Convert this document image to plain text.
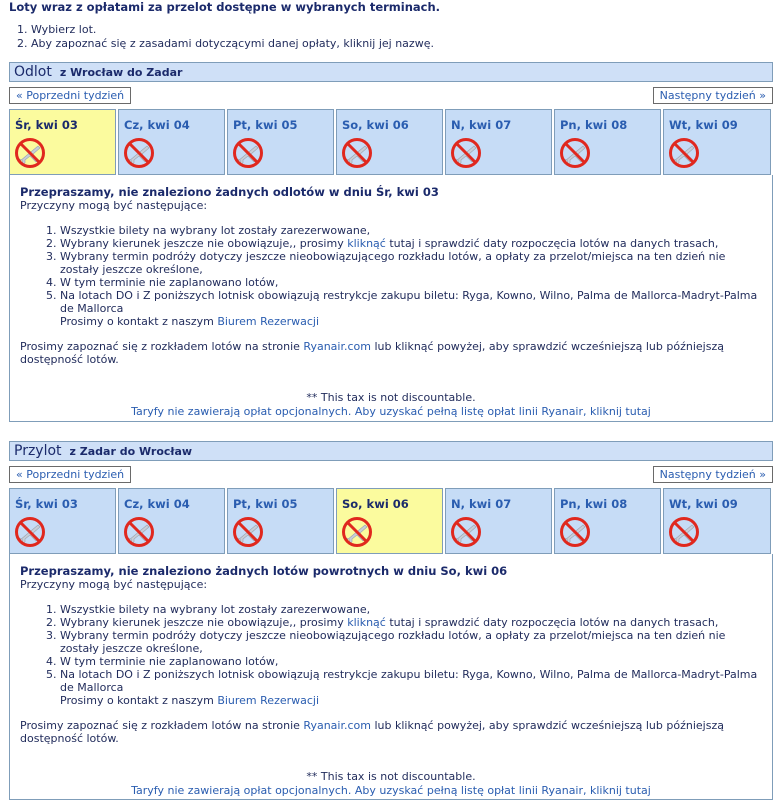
Loty wraz z opłatami za przelot dostępne w wybranych terminach.
1. Wybierz lot.
2. Aby zapoznać się z zasadami dotyczącymi danej opłaty, kliknij jej nazwę.
Odlot z Wrocław do Zadar
« Poprzedni tydzień	Następny tydzień »
Śr, kwi 03	Cz, kwi 04	Pt, kwi 05	So, kwi 06	N, kwi 07	Pn, kwi 08	Wt, kwi 09
Przepraszamy, nie znaleziono żadnych odlotów w dniu Śr, kwi 03
Przyczyny mogą być następujące:
1. Wszystkie bilety na wybrany lot zostały zarezerwowane,
2. Wybrany kierunek jeszcze nie obowiązuje,, prosimy kliknąć tutaj i sprawdzić daty rozpoczęcia lotów na danych trasach,
3. Wybrany termin podróży dotyczy jeszcze nieobowiązującego rozkładu lotów, a opłaty za przelot/miejsca na ten dzień nie zostały jeszcze określone,
4. W tym terminie nie zaplanowano lotów,
5. Na lotach DO i Z poniższych lotnisk obowiązują restrykcje zakupu biletu: Ryga, Kowno, Wilno, Palma de Mallorca-Madryt-Palma de Mallorca
Prosimy o kontakt z naszym Biurem Rezerwacji

Prosimy zapoznać się z rozkładem lotów na stronie Ryanair.com lub kliknąć powyżej, aby sprawdzić wcześniejszą lub późniejszą dostępność lotów.

** This tax is not discountable.
Taryfy nie zawierają opłat opcjonalnych. Aby uzyskać pełną listę opłat linii Ryanair, kliknij tutaj
Przylot z Zadar do Wrocław
« Poprzedni tydzień	Następny tydzień »
Śr, kwi 03	Cz, kwi 04	Pt, kwi 05	So, kwi 06	N, kwi 07	Pn, kwi 08	Wt, kwi 09
Przepraszamy, nie znaleziono żadnych lotów powrotnych w dniu So, kwi 06
Przyczyny mogą być następujące:
1. Wszystkie bilety na wybrany lot zostały zarezerwowane,
2. Wybrany kierunek jeszcze nie obowiązuje,, prosimy kliknąć tutaj i sprawdzić daty rozpoczęcia lotów na danych trasach,
3. Wybrany termin podróży dotyczy jeszcze nieobowiązującego rozkładu lotów, a opłaty za przelot/miejsca na ten dzień nie zostały jeszcze określone,
4. W tym terminie nie zaplanowano lotów,
5. Na lotach DO i Z poniższych lotnisk obowiązują restrykcje zakupu biletu: Ryga, Kowno, Wilno, Palma de Mallorca-Madryt-Palma de Mallorca
Prosimy o kontakt z naszym Biurem Rezerwacji

Prosimy zapoznać się z rozkładem lotów na stronie Ryanair.com lub kliknąć powyżej, aby sprawdzić wcześniejszą lub późniejszą dostępność lotów.

** This tax is not discountable.
Taryfy nie zawierają opłat opcjonalnych. Aby uzyskać pełną listę opłat linii Ryanair, kliknij tutaj
